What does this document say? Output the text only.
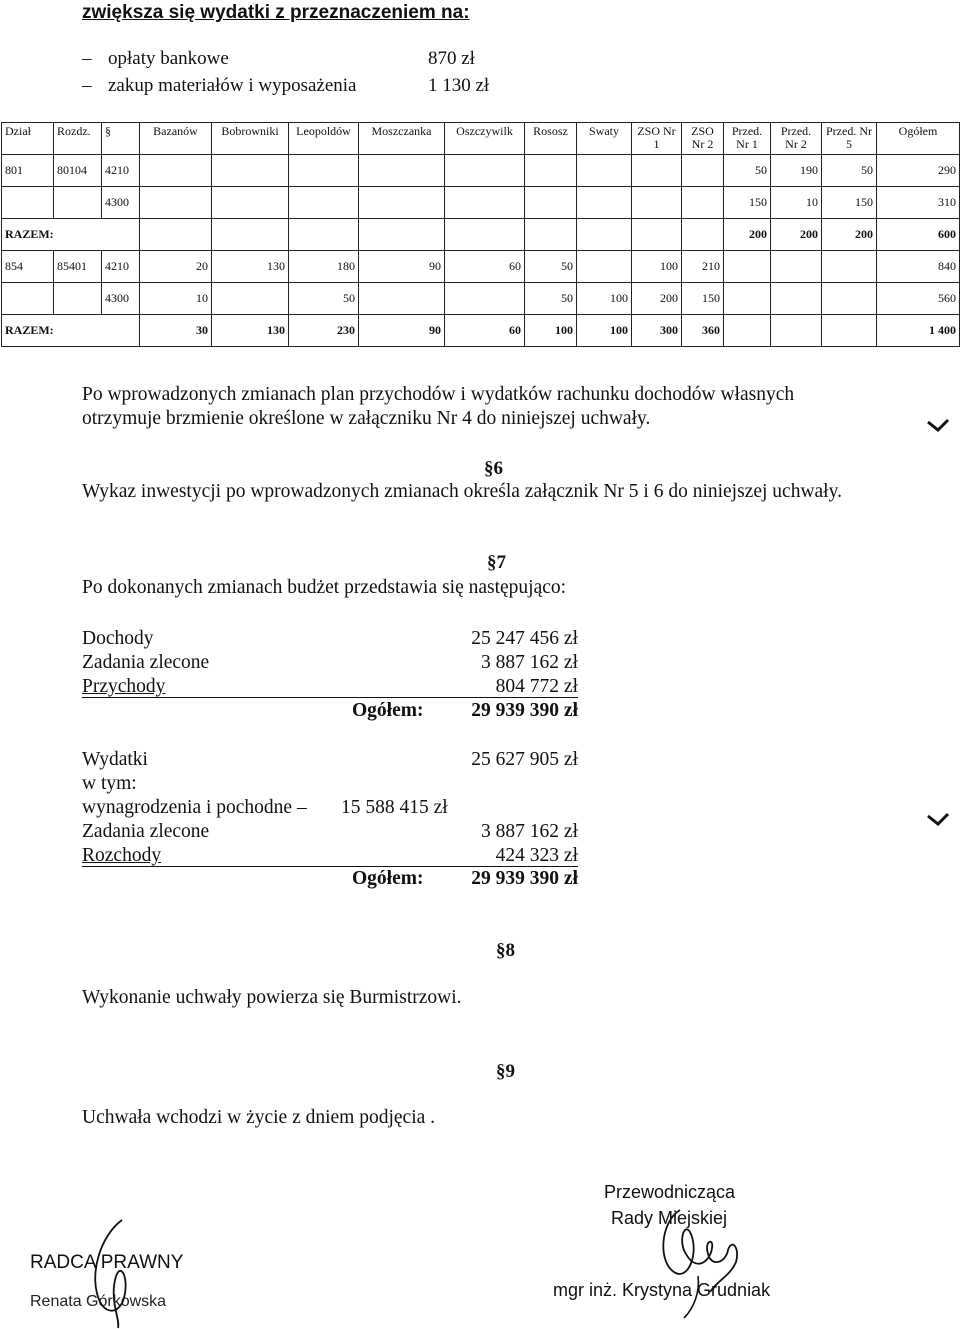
zwiększa się wydatki z przeznaczeniem na:
– opłaty bankowe	870 zł
– zakup materiałów i wyposażenia	1 130 zł
Dział	Rozdz.	§	Bazanów	Bobrowniki	Leopoldów	Moszczanka	Oszczywilk	Rososz	Swaty	ZSO Nr 1	ZSO Nr 2	Przed. Nr 1	Przed. Nr 2	Przed. Nr 5	Ogółem
801	80104	4210										50	190	50	290
		4300										150	10	150	310
RAZEM:												200	200	200	600
854	85401	4210	20	130	180	90	60	50		100	210				840
		4300	10		50			50	100	200	150				560
RAZEM:			30	130	230	90	60	100	100	300	360				1 400
Po wprowadzonych zmianach plan przychodów i wydatków rachunku dochodów własnych
otrzymuje brzmienie określone w załączniku Nr 4 do niniejszej uchwały.
§6
Wykaz inwestycji po wprowadzonych zmianach określa załącznik Nr 5 i 6 do niniejszej uchwały.
§7
Po dokonanych zmianach budżet przedstawia się następująco:
Dochody	25 247 456 zł
Zadania zlecone	3 887 162 zł
Przychody	804 772 zł
Ogółem:	29 939 390 zł
Wydatki	25 627 905 zł
w tym:
wynagrodzenia i pochodne – 15 588 415 zł
Zadania zlecone	3 887 162 zł
Rozchody	424 323 zł
Ogółem:	29 939 390 zł
§8
Wykonanie uchwały powierza się Burmistrzowi.
§9
Uchwała wchodzi w życie z dniem podjęcia .
Przewodnicząca
Rady Miejskiej
mgr inż. Krystyna Grudniak
RADCA PRAWNY
Renata Górkowska
